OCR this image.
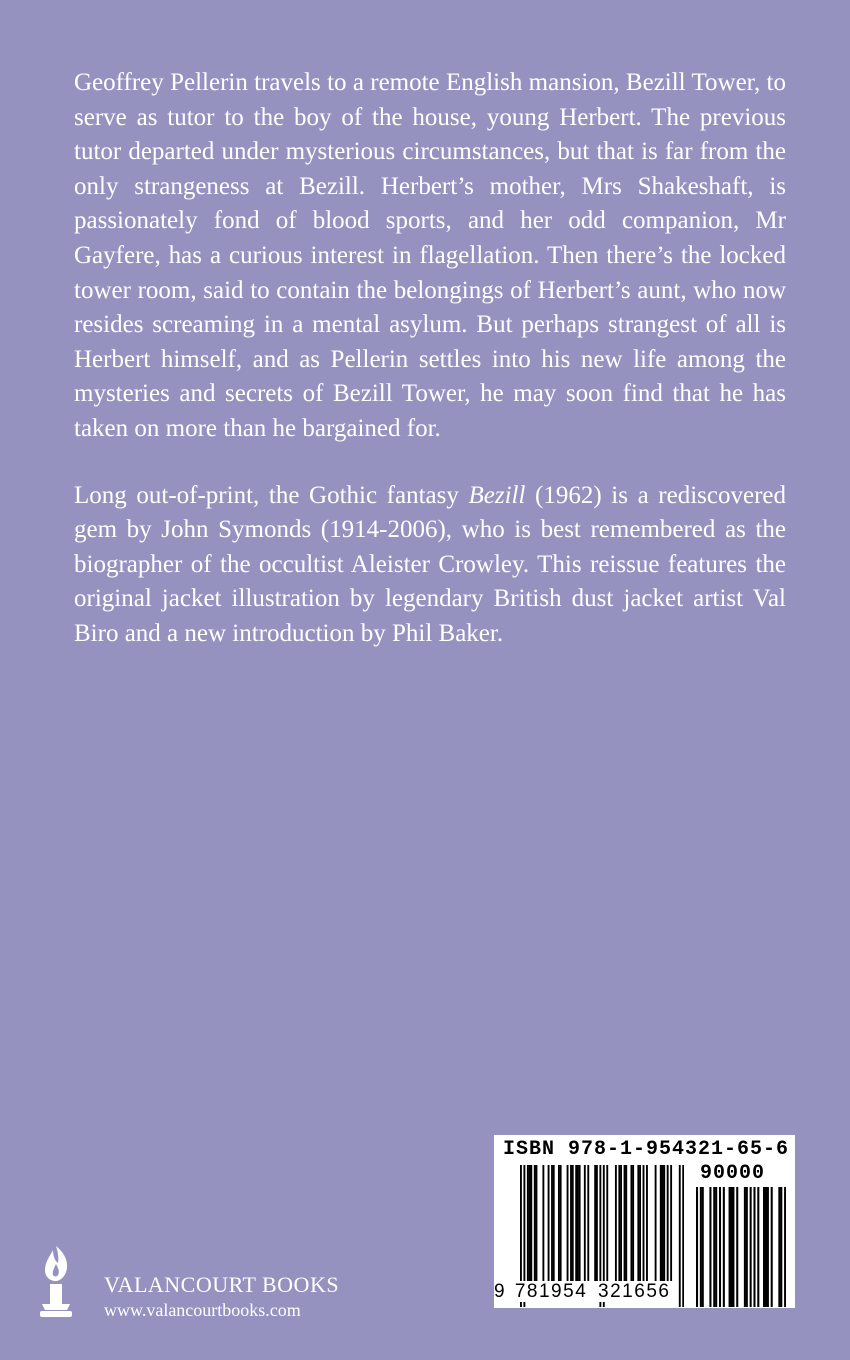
Geoffrey Pellerin travels to a remote English mansion, Bezill Tower, to serve as tutor to the boy of the house, young Herbert. The previous tutor departed under mysterious circumstances, but that is far from the only strangeness at Bezill. Herbert’s mother, Mrs Shakeshaft, is passionately fond of blood sports, and her odd companion, Mr Gayfere, has a curious interest in flagellation. Then there’s the locked tower room, said to contain the belongings of Herbert’s aunt, who now resides screaming in a mental asylum. But perhaps strangest of all is Herbert himself, and as Pellerin settles into his new life among the mysteries and secrets of Bezill Tower, he may soon find that he has taken on more than he bargained for.

Long out-of-print, the Gothic fantasy Bezill (1962) is a rediscovered gem by John Symonds (1914-2006), who is best remembered as the biographer of the occultist Aleister Crowley. This reissue features the original jacket illustration by legendary British dust jacket artist Val Biro and a new introduction by Phil Baker.

VALANCOURT BOOKS
www.valancourtbooks.com
ISBN 978-1-954321-65-6
90000
9 781954 321656
